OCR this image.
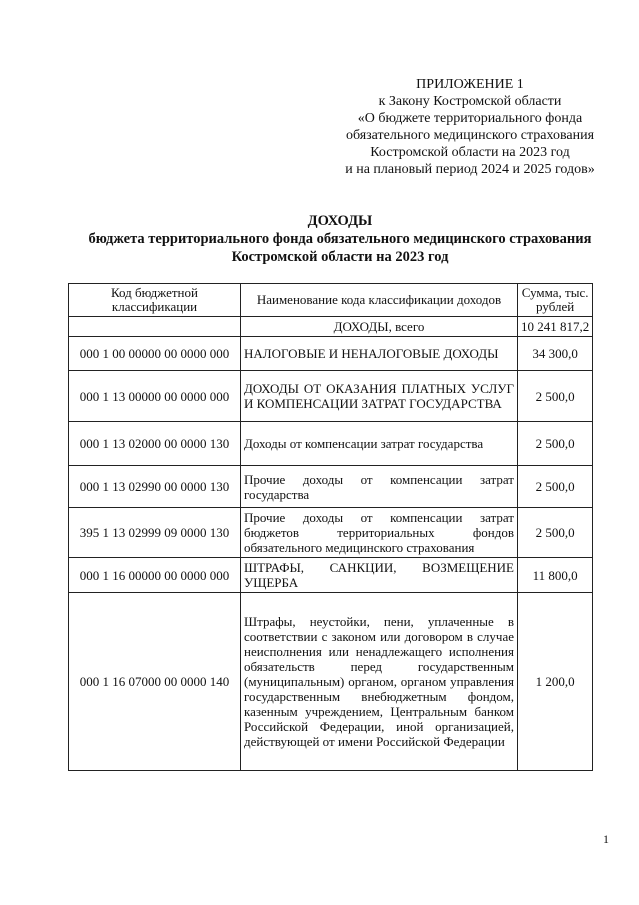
ПРИЛОЖЕНИЕ 1
к Закону Костромской области
«О бюджете территориального фонда
обязательного медицинского страхования
Костромской области на 2023 год
и на плановый период 2024 и 2025 годов»
ДОХОДЫ
бюджета территориального фонда обязательного медицинского страхования
Костромской области на 2023 год
Код бюджетной классификации	Наименование кода классификации доходов	Сумма, тыс. рублей
	ДОХОДЫ, всего	10 241 817,2
000 1 00 00000 00 0000 000	НАЛОГОВЫЕ И НЕНАЛОГОВЫЕ ДОХОДЫ	34 300,0
000 1 13 00000 00 0000 000	ДОХОДЫ ОТ ОКАЗАНИЯ ПЛАТНЫХ УСЛУГ И КОМПЕНСАЦИИ ЗАТРАТ ГОСУДАРСТВА	2 500,0
000 1 13 02000 00 0000 130	Доходы от компенсации затрат государства	2 500,0
000 1 13 02990 00 0000 130	Прочие доходы от компенсации затрат государства	2 500,0
395 1 13 02999 09 0000 130	Прочие доходы от компенсации затрат бюджетов территориальных фондов обязательного медицинского страхования	2 500,0
000 1 16 00000 00 0000 000	ШТРАФЫ, САНКЦИИ, ВОЗМЕЩЕНИЕ УЩЕРБА	11 800,0
000 1 16 07000 00 0000 140	Штрафы, неустойки, пени, уплаченные в соответствии с законом или договором в случае неисполнения или ненадлежащего исполнения обязательств перед государственным (муниципальным) органом, органом управления государственным внебюджетным фондом, казенным учреждением, Центральным банком Российской Федерации, иной организацией, действующей от имени Российской Федерации	1 200,0
1
